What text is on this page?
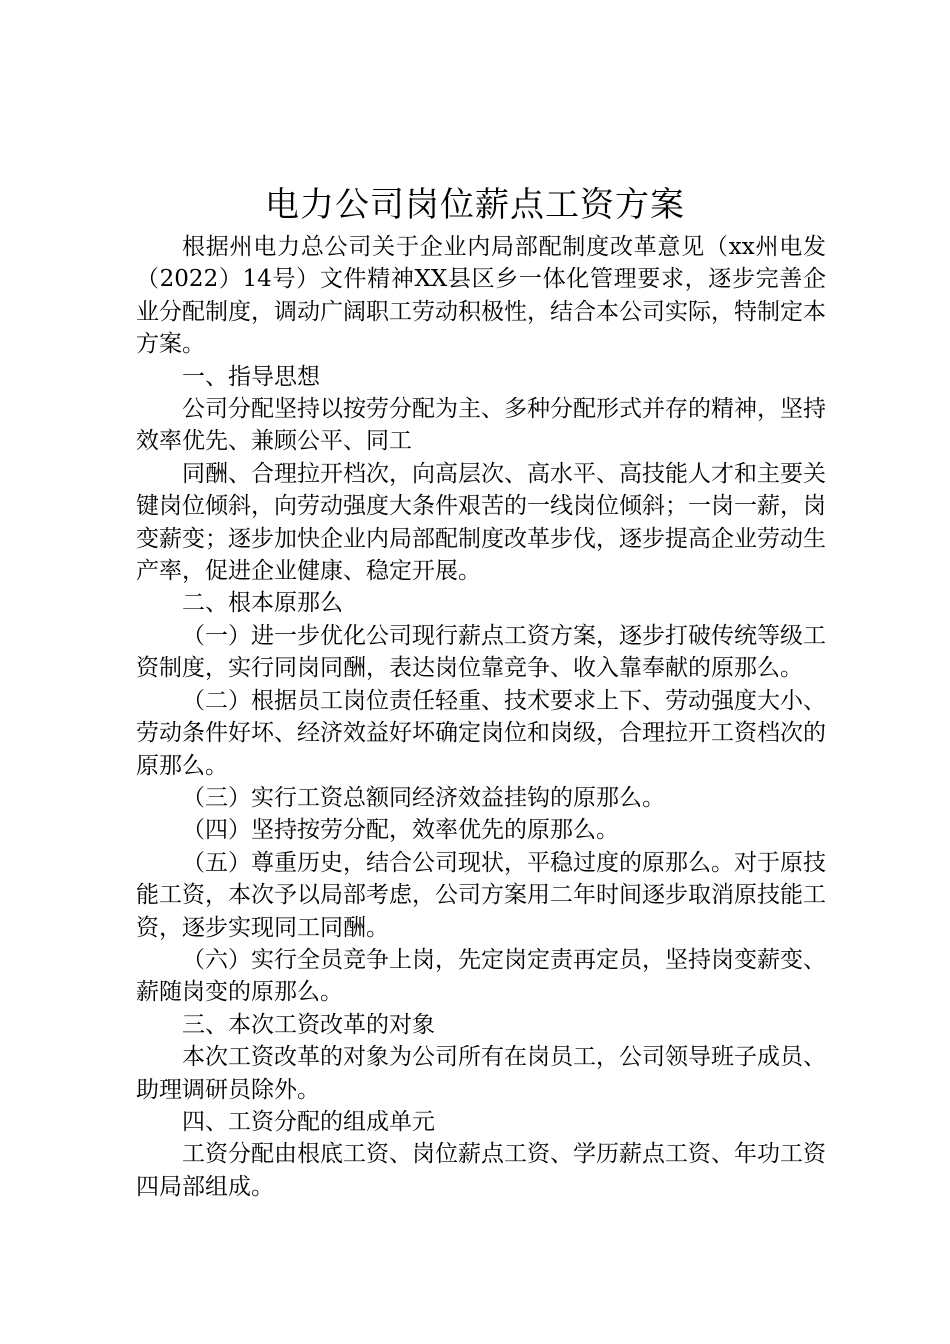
电力公司岗位薪点工资方案

根据州电力总公司关于企业内局部配制度改革意见（xx州电发（2022）14号）文件精神XX县区乡一体化管理要求，逐步完善企业分配制度，调动广阔职工劳动积极性，结合本公司实际，特制定本方案。

一、指导思想

公司分配坚持以按劳分配为主、多种分配形式并存的精神，坚持效率优先、兼顾公平、同工

同酬、合理拉开档次，向高层次、高水平、高技能人才和主要关键岗位倾斜，向劳动强度大条件艰苦的一线岗位倾斜；一岗一薪，岗变薪变；逐步加快企业内局部配制度改革步伐，逐步提高企业劳动生产率，促进企业健康、稳定开展。

二、根本原那么

（一）进一步优化公司现行薪点工资方案，逐步打破传统等级工资制度，实行同岗同酬，表达岗位靠竞争、收入靠奉献的原那么。

（二）根据员工岗位责任轻重、技术要求上下、劳动强度大小、劳动条件好坏、经济效益好坏确定岗位和岗级，合理拉开工资档次的原那么。

（三）实行工资总额同经济效益挂钩的原那么。

（四）坚持按劳分配，效率优先的原那么。

（五）尊重历史，结合公司现状，平稳过度的原那么。对于原技能工资，本次予以局部考虑，公司方案用二年时间逐步取消原技能工资，逐步实现同工同酬。

（六）实行全员竞争上岗，先定岗定责再定员，坚持岗变薪变、薪随岗变的原那么。

三、本次工资改革的对象

本次工资改革的对象为公司所有在岗员工，公司领导班子成员、助理调研员除外。

四、工资分配的组成单元

工资分配由根底工资、岗位薪点工资、学历薪点工资、年功工资四局部组成。
